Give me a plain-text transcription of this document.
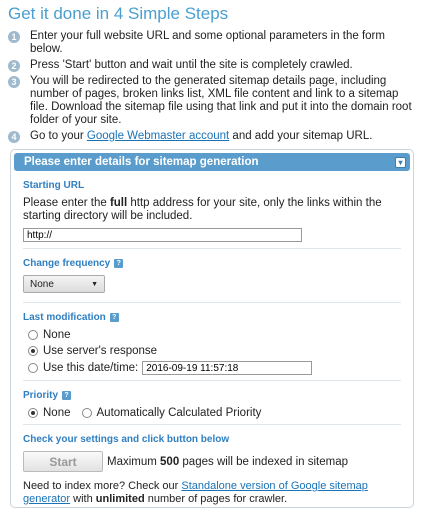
Get it done in 4 Simple Steps
1	Enter your full website URL and some optional parameters in the form below.
2	Press 'Start' button and wait until the site is completely crawled.
3	You will be redirected to the generated sitemap details page, including number of pages, broken links list, XML file content and link to a sitemap file. Download the sitemap file using that link and put it into the domain root folder of your site.
4	Go to your Google Webmaster account and add your sitemap URL.
Please enter details for sitemap generation	▾
Starting URL
Please enter the full http address for your site, only the links within the starting directory will be included.
http://
Change frequency ?
None	▼
Last modification ?
None
Use server's response
Use this date/time:
2016-09-19 11:57:18
Priority ?
None Automatically Calculated Priority
Check your settings and click button below
Start	Maximum 500 pages will be indexed in sitemap
Need to index more? Check our Standalone version of Google sitemap generator with unlimited number of pages for crawler.
